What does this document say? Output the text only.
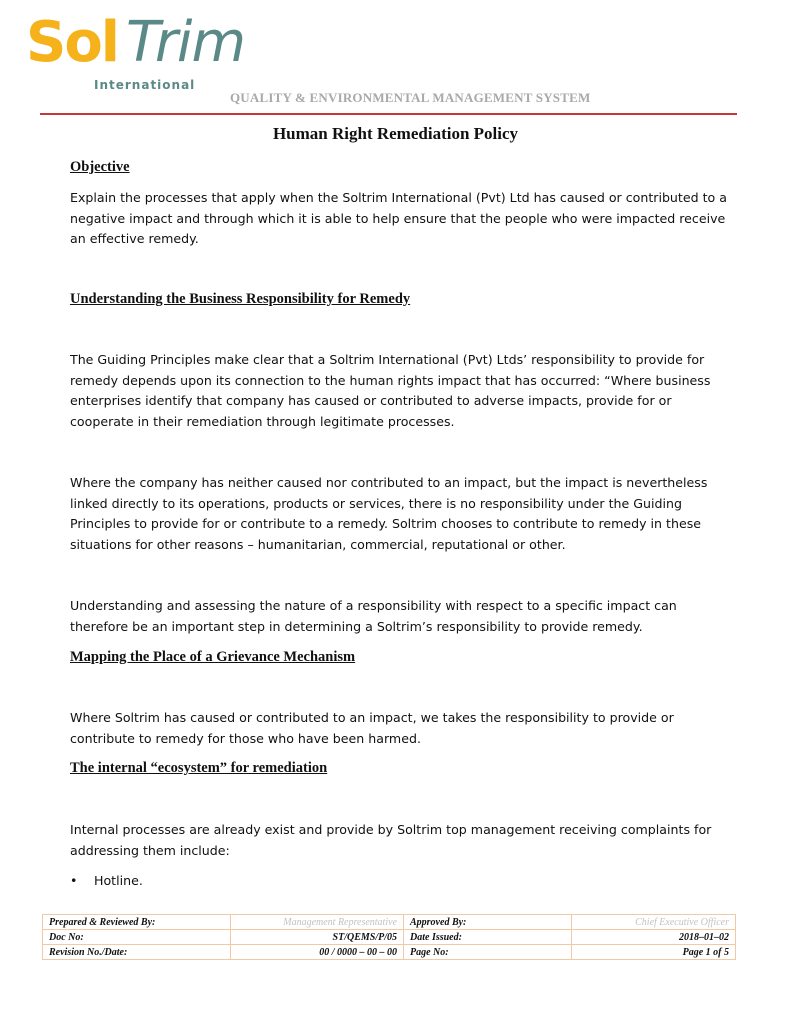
Sol Trim
International
QUALITY & ENVIRONMENTAL MANAGEMENT SYSTEM
Human Right Remediation Policy
Objective
Explain the processes that apply when the Soltrim International (Pvt) Ltd has caused or contributed to a negative impact and through which it is able to help ensure that the people who were impacted receive an effective remedy.
Understanding the Business Responsibility for Remedy
The Guiding Principles make clear that a Soltrim International (Pvt) Ltds’ responsibility to provide for remedy depends upon its connection to the human rights impact that has occurred: “Where business enterprises identify that company has caused or contributed to adverse impacts, provide for or cooperate in their remediation through legitimate processes.
Where the company has neither caused nor contributed to an impact, but the impact is nevertheless linked directly to its operations, products or services, there is no responsibility under the Guiding Principles to provide for or contribute to a remedy. Soltrim chooses to contribute to remedy in these situations for other reasons – humanitarian, commercial, reputational or other.
Understanding and assessing the nature of a responsibility with respect to a specific impact can therefore be an important step in determining a Soltrim’s responsibility to provide remedy.
Mapping the Place of a Grievance Mechanism
Where Soltrim has caused or contributed to an impact, we takes the responsibility to provide or contribute to remedy for those who have been harmed.
The internal “ecosystem” for remediation
Internal processes are already exist and provide by Soltrim top management receiving complaints for addressing them include:
• Hotline.
Prepared & Reviewed By:	Management Representative	Approved By:	Chief Executive Officer
Doc No:	ST/QEMS/P/05	Date Issued:	2018–01–02
Revision No./Date:	00 / 0000 – 00 – 00	Page No:	Page 1 of 5
